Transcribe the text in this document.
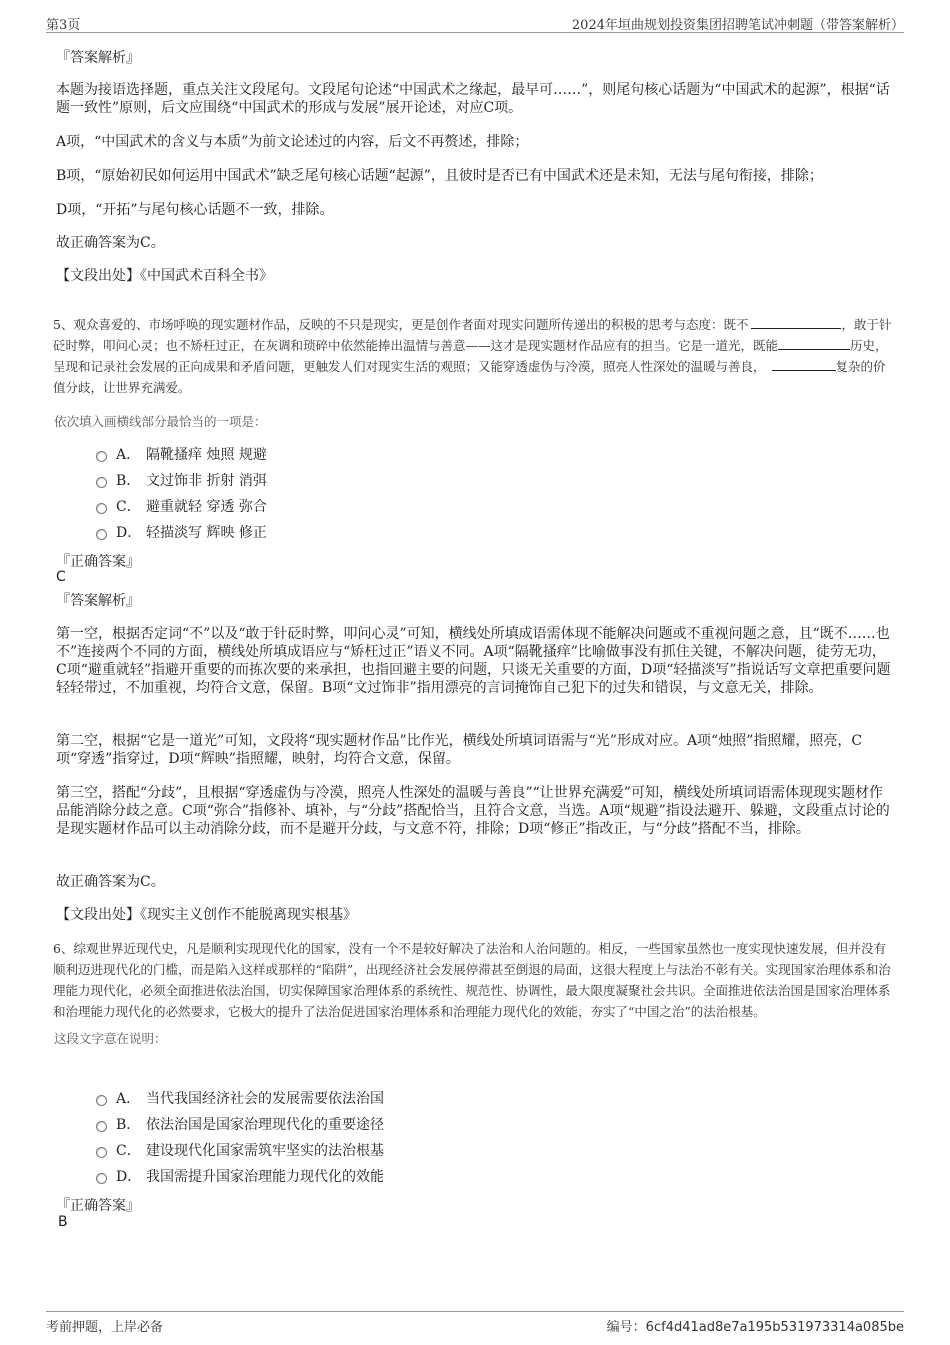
第3页	2024年垣曲规划投资集团招聘笔试冲刺题（带答案解析）
『答案解析』
本题为接语选择题，重点关注文段尾句。文段尾句论述“中国武术之缘起，最早可……”，则尾句核心话题为“中国武术的起源”，根据“话题一致性”原则，后文应围绕“中国武术的形成与发展”展开论述，对应C项。
A项，“中国武术的含义与本质”为前文论述过的内容，后文不再赘述，排除；
B项，“原始初民如何运用中国武术”缺乏尾句核心话题“起源”，且彼时是否已有中国武术还是未知，无法与尾句衔接，排除；
D项，“开拓”与尾句核心话题不一致，排除。
故正确答案为C。
【文段出处】《中国武术百科全书》
5、观众喜爱的、市场呼唤的现实题材作品，反映的不只是现实，更是创作者面对现实问题所传递出的积极的思考与态度：既不	，敢于针砭时弊，叩问心灵；也不矫枉过正，在灰调和琐碎中依然能捧出温情与善意——这才是现实题材作品应有的担当。它是一道光，既能	历史，呈现和记录社会发展的正向成果和矛盾问题，更触发人们对现实生活的观照；又能穿透虚伪与冷漠，照亮人性深处的温暖与善良，	复杂的价值分歧，让世界充满爱。
依次填入画横线部分最恰当的一项是：
A． 隔靴搔痒 烛照 规避
B． 文过饰非 折射 消弭
C． 避重就轻 穿透 弥合
D． 轻描淡写 辉映 修正
『正确答案』
C
『答案解析』
第一空，根据否定词“不”以及“敢于针砭时弊，叩问心灵”可知，横线处所填成语需体现不能解决问题或不重视问题之意，且“既不……也不”连接两个不同的方面，横线处所填成语应与“矫枉过正”语义不同。A项“隔靴搔痒”比喻做事没有抓住关键，不解决问题，徒劳无功，C项“避重就轻”指避开重要的而拣次要的来承担，也指回避主要的问题，只谈无关重要的方面，D项“轻描淡写”指说话写文章把重要问题轻轻带过，不加重视，均符合文意，保留。B项“文过饰非”指用漂亮的言词掩饰自己犯下的过失和错误，与文意无关，排除。
第二空，根据“它是一道光”可知，文段将“现实题材作品”比作光，横线处所填词语需与“光”形成对应。A项“烛照”指照耀，照亮，C项“穿透”指穿过，D项“辉映”指照耀，映射，均符合文意，保留。
第三空，搭配“分歧”，且根据“穿透虚伪与冷漠，照亮人性深处的温暖与善良”“让世界充满爱”可知，横线处所填词语需体现现实题材作品能消除分歧之意。C项“弥合”指修补、填补，与“分歧”搭配恰当，且符合文意，当选。A项“规避”指设法避开、躲避，文段重点讨论的是现实题材作品可以主动消除分歧，而不是避开分歧，与文意不符，排除；D项“修正”指改正，与“分歧”搭配不当，排除。
故正确答案为C。
【文段出处】《现实主义创作不能脱离现实根基》
6、综观世界近现代史，凡是顺利实现现代化的国家，没有一个不是较好解决了法治和人治问题的。相反，一些国家虽然也一度实现快速发展，但并没有顺利迈进现代化的门槛，而是陷入这样或那样的“陷阱”，出现经济社会发展停滞甚至倒退的局面，这很大程度上与法治不彰有关。实现国家治理体系和治理能力现代化，必须全面推进依法治国，切实保障国家治理体系的系统性、规范性、协调性，最大限度凝聚社会共识。全面推进依法治国是国家治理体系和治理能力现代化的必然要求，它极大的提升了法治促进国家治理体系和治理能力现代化的效能，夯实了“中国之治”的法治根基。
这段文字意在说明：
A． 当代我国经济社会的发展需要依法治国
B． 依法治国是国家治理现代化的重要途径
C． 建设现代化国家需筑牢坚实的法治根基
D． 我国需提升国家治理能力现代化的效能
『正确答案』
B
考前押题，上岸必备	编号：6cf4d41ad8e7a195b531973314a085be
